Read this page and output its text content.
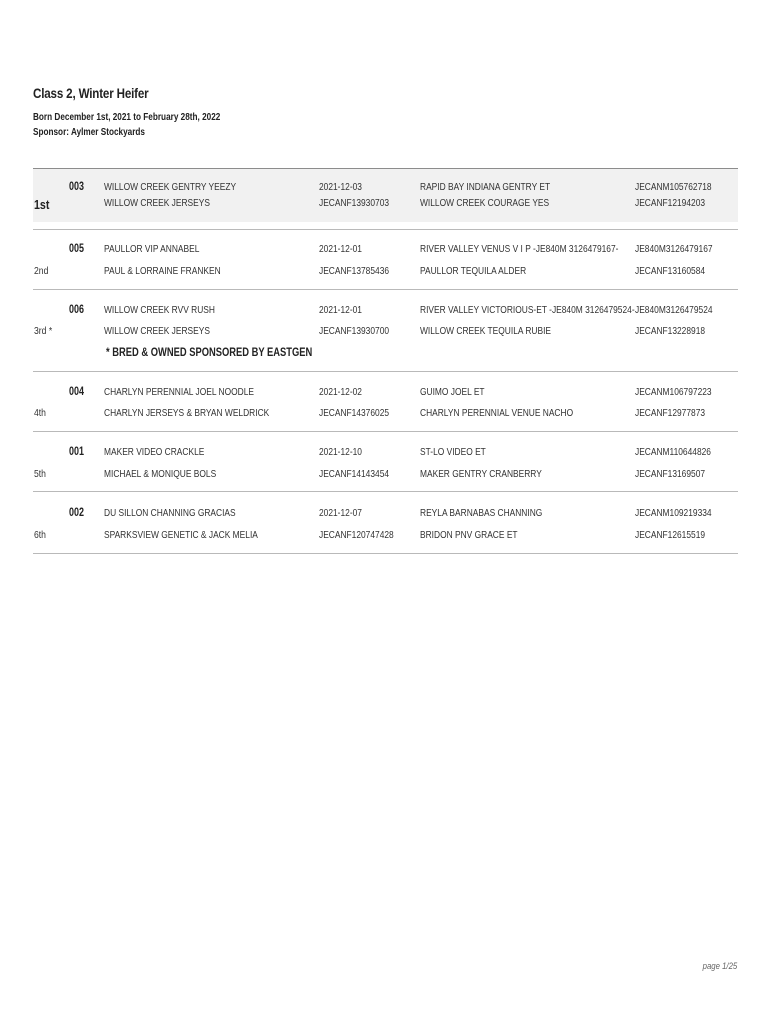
Class 2, Winter Heifer
Born December 1st, 2021 to February 28th, 2022
Sponsor: Aylmer Stockyards
003
1st
WILLOW CREEK GENTRY YEEZY
WILLOW CREEK JERSEYS
2021-12-03
JECANF13930703
RAPID BAY INDIANA GENTRY ET
WILLOW CREEK COURAGE YES
JECANM105762718
JECANF12194203
005
2nd
PAULLOR VIP ANNABEL
PAUL & LORRAINE FRANKEN
2021-12-01
JECANF13785436
RIVER VALLEY VENUS V I P -JE840M 3126479167-
PAULLOR TEQUILA ALDER
JE840M3126479167
JECANF13160584
006
3rd *
WILLOW CREEK RVV RUSH
WILLOW CREEK JERSEYS
2021-12-01
JECANF13930700
RIVER VALLEY VICTORIOUS-ET -JE840M 3126479524-
WILLOW CREEK TEQUILA RUBIE
JE840M3126479524
JECANF13228918
* BRED & OWNED SPONSORED BY EASTGEN
004
4th
CHARLYN PERENNIAL JOEL NOODLE
CHARLYN JERSEYS & BRYAN WELDRICK
2021-12-02
JECANF14376025
GUIMO JOEL ET
CHARLYN PERENNIAL VENUE NACHO
JECANM106797223
JECANF12977873
001
5th
MAKER VIDEO CRACKLE
MICHAEL & MONIQUE BOLS
2021-12-10
JECANF14143454
ST-LO VIDEO ET
MAKER GENTRY CRANBERRY
JECANM110644826
JECANF13169507
002
6th
DU SILLON CHANNING GRACIAS
SPARKSVIEW GENETIC & JACK MELIA
2021-12-07
JECANF120747428
REYLA BARNABAS CHANNING
BRIDON PNV GRACE ET
JECANM109219334
JECANF12615519
page 1/25
